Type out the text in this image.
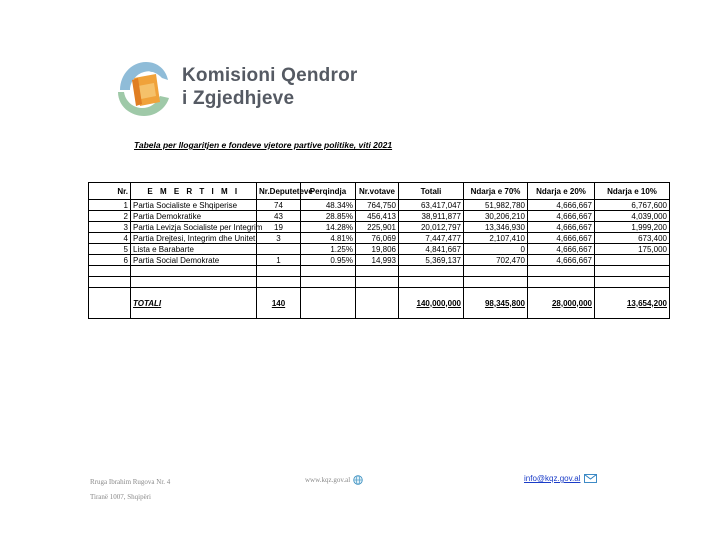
Komisioni Qendror
i Zgjedhjeve
Tabela per llogaritjen e fondeve vjetore partive politike, viti 2021
Nr.	E M E R T I M I	Nr.Deputeteve	Perqindja	Nr.votave	Totali	Ndarja e 70%	Ndarja e 20%	Ndarja e 10%
1	Partia Socialiste e Shqiperise	74	48.34%	764,750	63,417,047	51,982,780	4,666,667	6,767,600
2	Partia Demokratike	43	28.85%	456,413	38,911,877	30,206,210	4,666,667	4,039,000
3	Partia Levizja Socialiste per Integrim	19	14.28%	225,901	20,012,797	13,346,930	4,666,667	1,999,200
4	Partia Drejtesi, Integrim dhe Unitet	3	4.81%	76,069	7,447,477	2,107,410	4,666,667	673,400
5	Lista e Barabarte		1.25%	19,806	4,841,667	0	4,666,667	175,000
6	Partia Social Demokrate	1	0.95%	14,993	5,369,137	702,470	4,666,667	

	TOTALI	140			140,000,000	98,345,800	28,000,000	13,654,200
Rruga Ibrahim Rugova Nr. 4
Tiranë 1007, Shqipëri
www.kqz.gov.al	info@kqz.gov.al
